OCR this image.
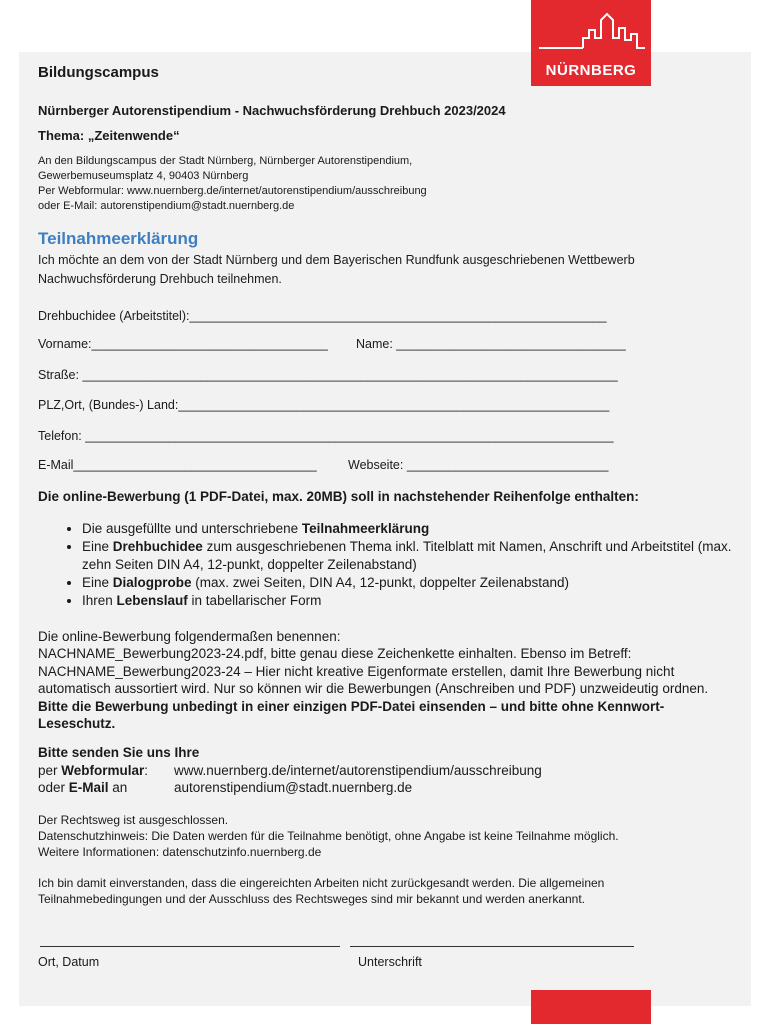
NÜRNBERG
Bildungscampus
Nürnberger Autorenstipendium - Nachwuchsförderung Drehbuch 2023/2024
Thema: „Zeitenwende“
An den Bildungscampus der Stadt Nürnberg, Nürnberger Autorenstipendium,
Gewerbemuseumsplatz 4, 90403 Nürnberg
Per Webformular: www.nuernberg.de/internet/autorenstipendium/ausschreibung
oder E-Mail: autorenstipendium@stadt.nuernberg.de
Teilnahmeerklärung
Ich möchte an dem von der Stadt Nürnberg und dem Bayerischen Rundfunk ausgeschriebenen Wettbewerb Nachwuchsförderung Drehbuch teilnehmen.
Drehbuchidee (Arbeitstitel):____________________________________________________________
Vorname:__________________________________ Name: _________________________________
Straße: _____________________________________________________________________________
PLZ,Ort, (Bundes-) Land:______________________________________________________________
Telefon: ____________________________________________________________________________
E-Mail___________________________________	Webseite: _____________________________
Die online-Bewerbung (1 PDF-Datei, max. 20MB) soll in nachstehender Reihenfolge enthalten:
• Die ausgefüllte und unterschriebene Teilnahmeerklärung
• Eine Drehbuchidee zum ausgeschriebenen Thema inkl. Titelblatt mit Namen, Anschrift und Arbeitstitel (max. zehn Seiten DIN A4, 12-punkt, doppelter Zeilenabstand)
• Eine Dialogprobe (max. zwei Seiten, DIN A4, 12-punkt, doppelter Zeilenabstand)
• Ihren Lebenslauf in tabellarischer Form
Die online-Bewerbung folgendermaßen benennen:
NACHNAME_Bewerbung2023-24.pdf, bitte genau diese Zeichenkette einhalten. Ebenso im Betreff: NACHNAME_Bewerbung2023-24 – Hier nicht kreative Eigenformate erstellen, damit Ihre Bewerbung nicht automatisch aussortiert wird. Nur so können wir die Bewerbungen (Anschreiben und PDF) unzweideutig ordnen. Bitte die Bewerbung unbedingt in einer einzigen PDF-Datei einsenden – und bitte ohne Kennwort-Leseschutz.
Bitte senden Sie uns Ihre
per Webformular:	www.nuernberg.de/internet/autorenstipendium/ausschreibung
oder E-Mail an	autorenstipendium@stadt.nuernberg.de
Der Rechtsweg ist ausgeschlossen.
Datenschutzhinweis: Die Daten werden für die Teilnahme benötigt, ohne Angabe ist keine Teilnahme möglich.
Weitere Informationen: datenschutzinfo.nuernberg.de
Ich bin damit einverstanden, dass die eingereichten Arbeiten nicht zurückgesandt werden. Die allgemeinen Teilnahmebedingungen und der Ausschluss des Rechtsweges sind mir bekannt und werden anerkannt.
Ort, Datum	Unterschrift
